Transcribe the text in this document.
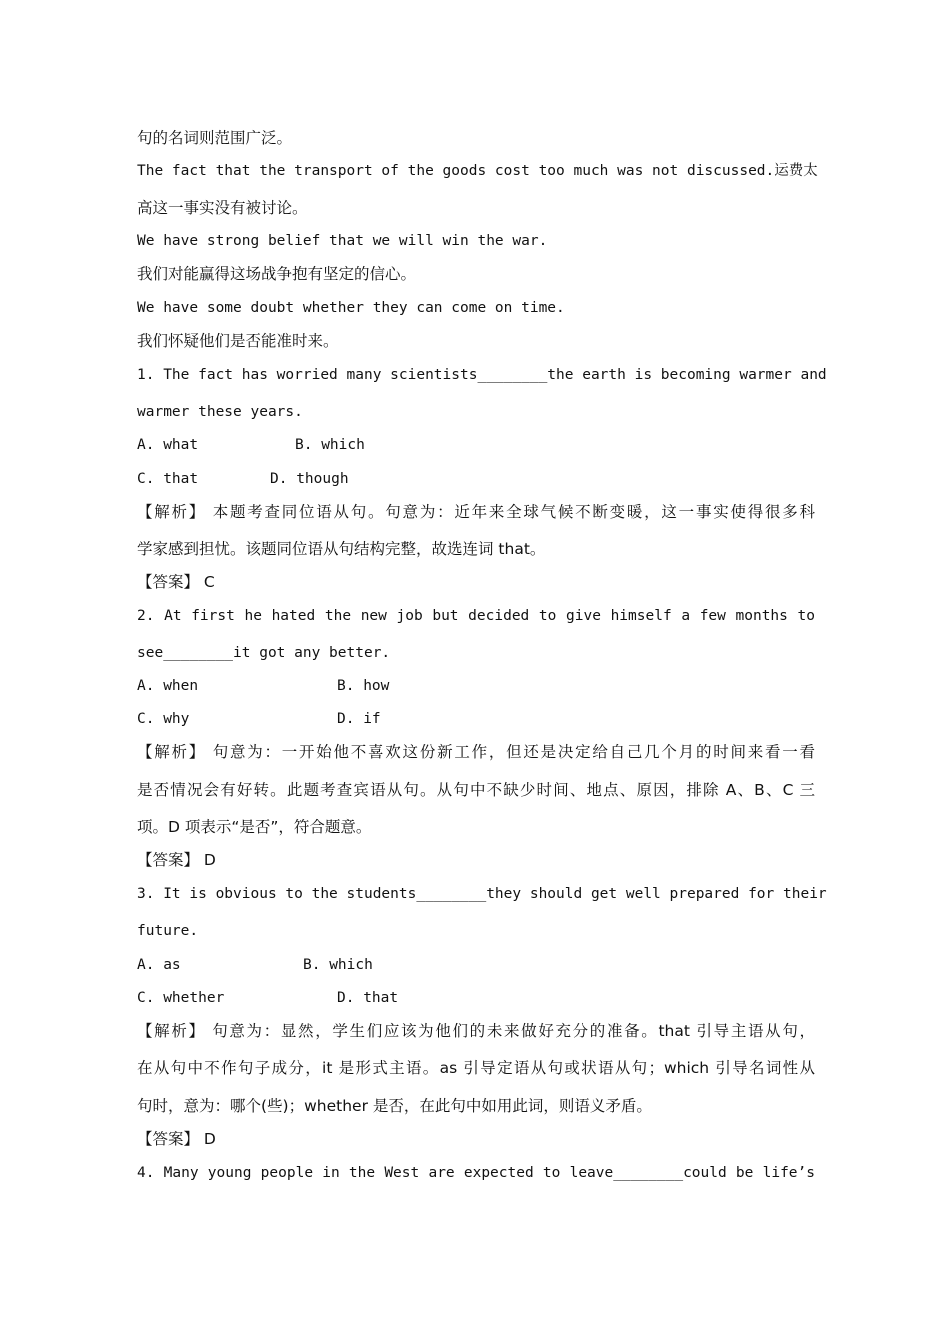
句的名词则范围广泛。
The fact that the transport of the goods cost too much was not discussed.运费太
高这一事实没有被讨论。
We have strong belief that we will win the war.
我们对能赢得这场战争抱有坚定的信心。
We have some doubt whether they can come on time.
我们怀疑他们是否能准时来。
1. The fact has worried many scientists________the earth is becoming warmer and
warmer these years.
A. what	B. which
C. that	D. though
【解析】 本题考查同位语从句。句意为：近年来全球气候不断变暖，这一事实使得很多科
学家感到担忧。该题同位语从句结构完整，故选连词 that。
【答案】 C
2. At first he hated the new job but decided to give himself a few months to
see________it got any better.
A. when	B. how
C. why	D. if
【解析】 句意为：一开始他不喜欢这份新工作，但还是决定给自己几个月的时间来看一看
是否情况会有好转。此题考查宾语从句。从句中不缺少时间、地点、原因，排除 A、B、C 三
项。D 项表示“是否”，符合题意。
【答案】 D
3. It is obvious to the students________they should get well prepared for their
future.
A. as	B. which
C. whether	D. that
【解析】 句意为：显然，学生们应该为他们的未来做好充分的准备。that 引导主语从句，
在从句中不作句子成分，it 是形式主语。as 引导定语从句或状语从句；which 引导名词性从
句时，意为：哪个(些)；whether 是否，在此句中如用此词，则语义矛盾。
【答案】 D
4. Many young people in the West are expected to leave________could be life’s
